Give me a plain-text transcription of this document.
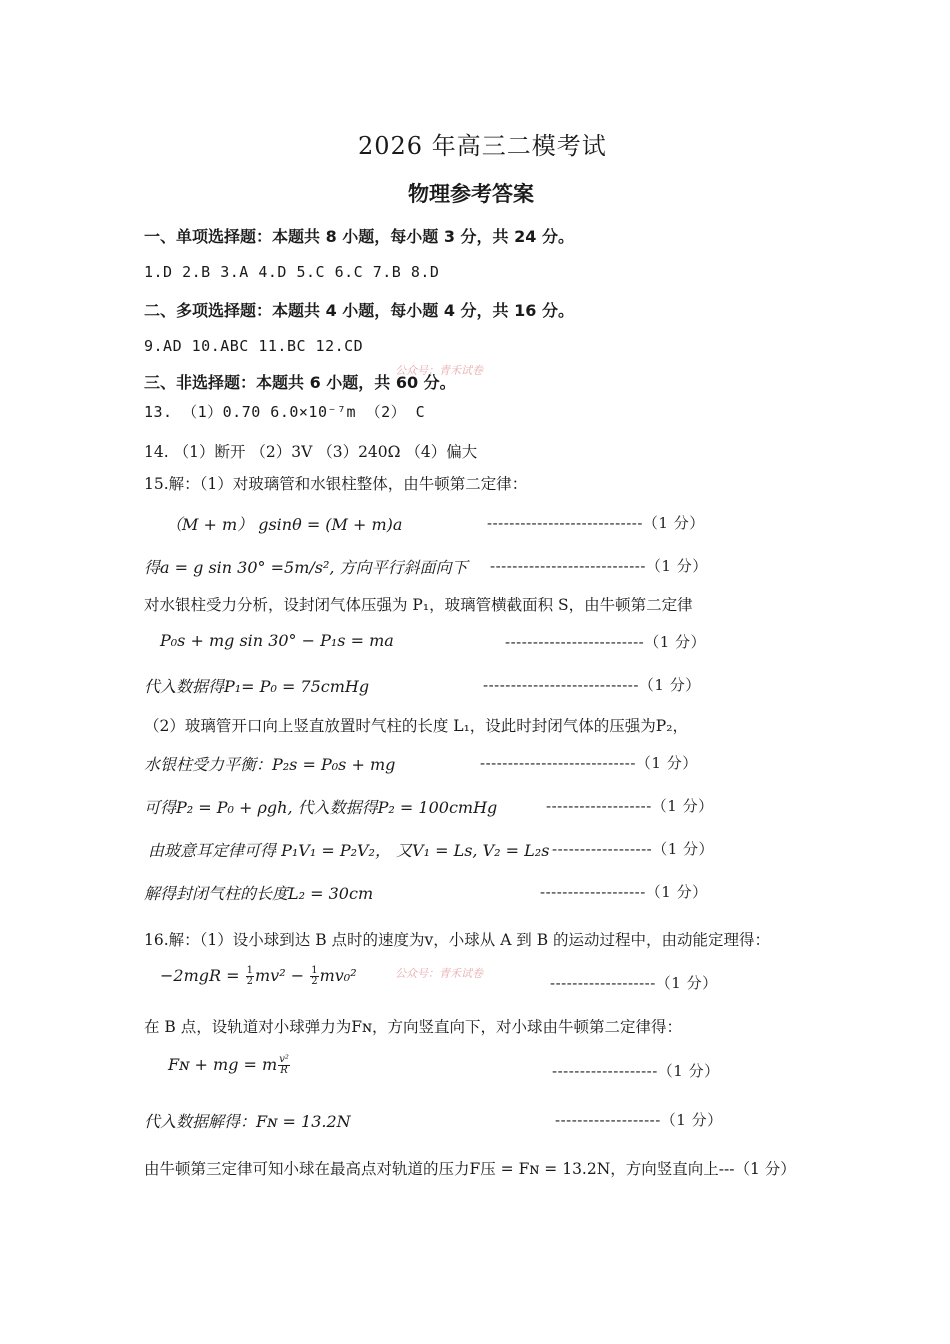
2026 年高三二模考试
物理参考答案
一、单项选择题：本题共 8 小题，每小题 3 分，共 24 分。
1.D 2.B 3.A 4.D 5.C 6.C 7.B 8.D
二、多项选择题：本题共 4 小题，每小题 4 分，共 16 分。
9.AD 10.ABC 11.BC 12.CD
三、非选择题：本题共 6 小题，共 60 分。
公众号：青禾试卷
13. （1）0.70 6.0×10⁻⁷m （2） C
14. （1）断开 （2）3V （3）240Ω （4）偏大
15.解：（1）对玻璃管和水银柱整体，由牛顿第二定律：
（M + m） gsinθ = (M + m)a	----------------------------（1 分）
得a = g sin 30° =5m/s², 方向平行斜面向下 ----------------------------（1 分）
对水银柱受力分析，设封闭气体压强为 P₁，玻璃管横截面积 S，由牛顿第二定律
P₀s + mg sin 30° − P₁s = ma	-------------------------（1 分）
代入数据得P₁= P₀ = 75cmHg	----------------------------（1 分）
（2）玻璃管开口向上竖直放置时气柱的长度 L₁，设此时封闭气体的压强为P₂，
水银柱受力平衡：P₂s = P₀s + mg	----------------------------（1 分）
可得P₂ = P₀ + ρgh, 代入数据得P₂ = 100cmHg	-------------------（1 分）
由玻意耳定律可得 P₁V₁ = P₂V₂， 又V₁ = Ls, V₂ = L₂s ------------------（1 分）
解得封闭气柱的长度L₂ = 30cm	-------------------（1 分）
16.解：（1）设小球到达 B 点时的速度为v，小球从 A 到 B 的运动过程中，由动能定理得：
$-2mgR = \frac{1}{2} mv^2 - \frac{1}{2} mv_0^2$	公众号：青禾试卷
-------------------（1 分）
在 B 点，设轨道对小球弹力为Fɴ，方向竖直向下，对小球由牛顿第二定律得：
Fɴ + mg = m $\frac{\text{v²}}{R}$	-------------------（1 分）
代入数据解得：Fɴ = 13.2N	-------------------（1 分）
由牛顿第三定律可知小球在最高点对轨道的压力F压 = Fɴ = 13.2N，方向竖直向上---（1 分）
